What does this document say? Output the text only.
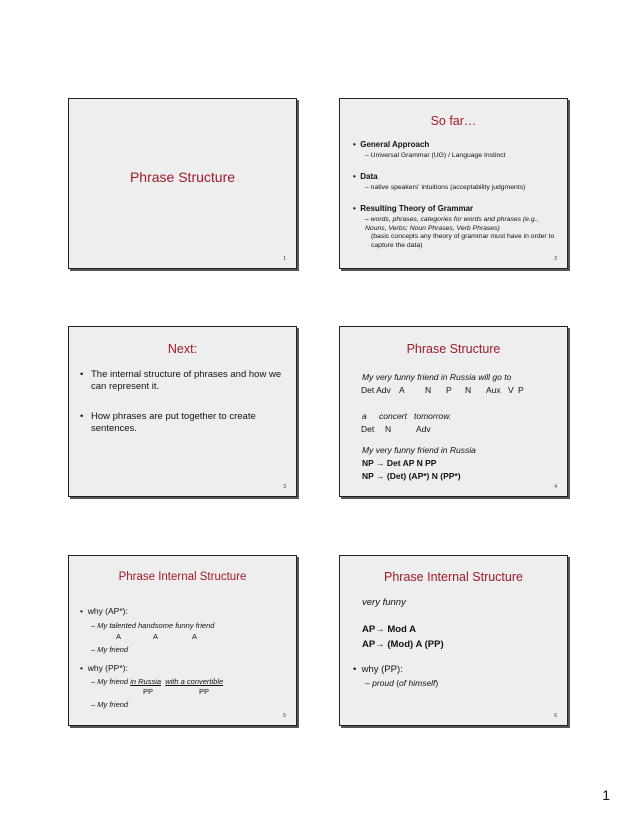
Phrase Structure
1
So far…
•  General Approach
– Universal Grammar (UG) / Language Instinct
•  Data
– native speakers' intuitions (acceptability judgments)
•  Resulting Theory of Grammar
– words, phrases, categories for words and phrases (e.g., Nouns, Verbs; Noun Phrases, Verb Phrases)
(basic concepts any theory of grammar must have in order to capture the data)
2
Next:
• The internal structure of phrases and how we can represent it.
• How phrases are put together to create sentences.
3
Phrase Structure
My very funny friend in Russia will go to
Det Adv A N P N Aux V P
a concert tomorrow.
Det N	Adv
My very funny friend in Russia
NP → Det AP N PP
NP → (Det) (AP*) N (PP*)
4
Phrase Internal Structure
•  why (AP*):
– My talented handsome funny friend
A	A	A
– My friend
•  why (PP*):
– My friend in Russia with a convertible
PP	PP
– My friend
5
Phrase Internal Structure
very funny
AP→ Mod A
AP→ (Mod) A (PP)
•  why (PP):
– proud (of himself)
6
1
